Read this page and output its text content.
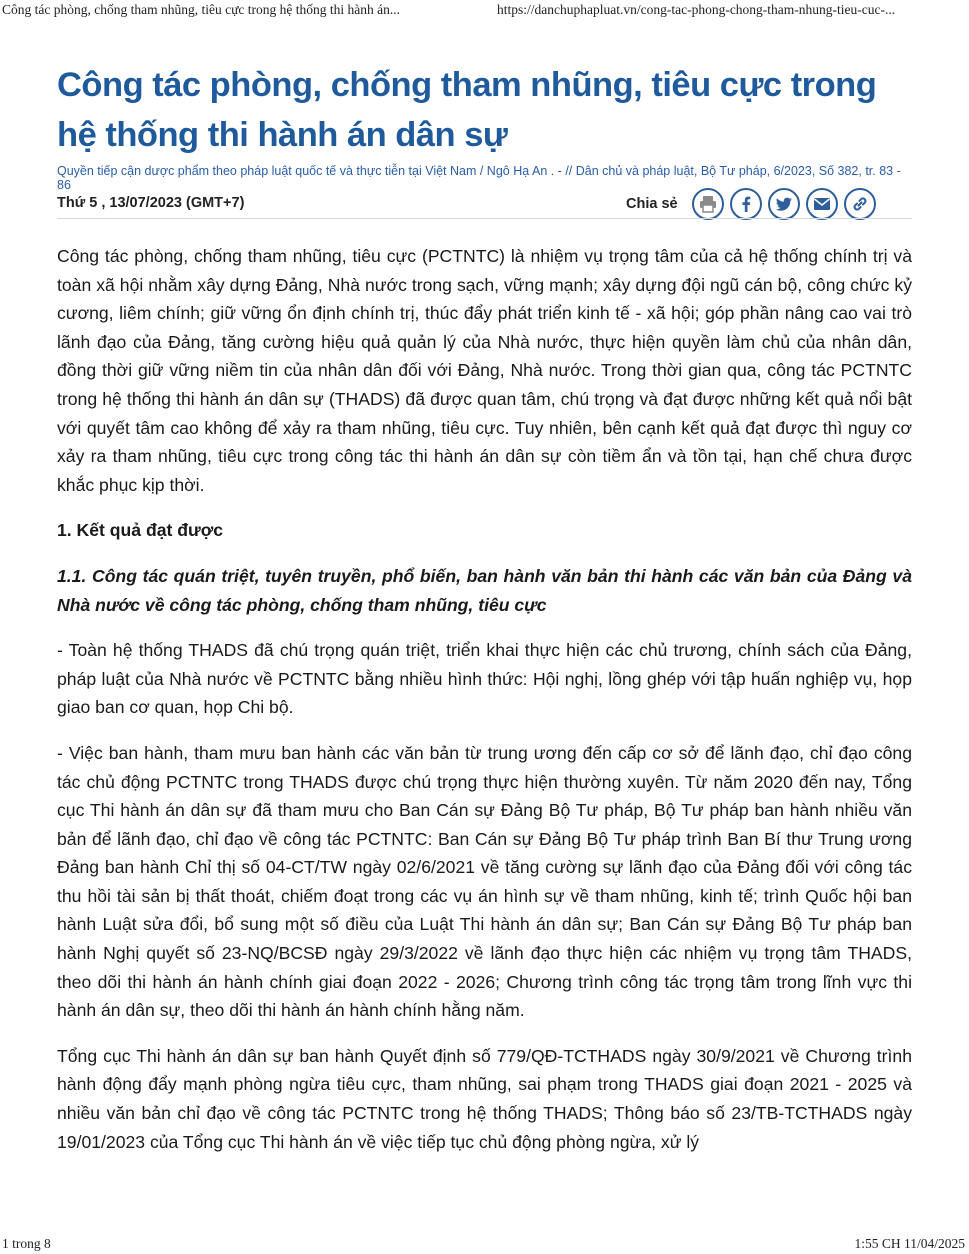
Công tác phòng, chống tham nhũng, tiêu cực trong hệ thống thi hành án...	https://danchuphapluat.vn/cong-tac-phong-chong-tham-nhung-tieu-cuc-...
Công tác phòng, chống tham nhũng, tiêu cực trong hệ thống thi hành án dân sự
Quyền tiếp cận dược phẩm theo pháp luật quốc tế và thực tiễn tại Việt Nam / Ngô Hạ An . - // Dân chủ và pháp luật, Bộ Tư pháp, 6/2023, Số 382, tr. 83 - 86
Thứ 5 , 13/07/2023 (GMT+7)	Chia sẻ

Công tác phòng, chống tham nhũng, tiêu cực (PCTNTC) là nhiệm vụ trọng tâm của cả hệ thống chính trị và toàn xã hội nhằm xây dựng Đảng, Nhà nước trong sạch, vững mạnh; xây dựng đội ngũ cán bộ, công chức kỷ cương, liêm chính; giữ vững ổn định chính trị, thúc đẩy phát triển kinh tế - xã hội; góp phần nâng cao vai trò lãnh đạo của Đảng, tăng cường hiệu quả quản lý của Nhà nước, thực hiện quyền làm chủ của nhân dân, đồng thời giữ vững niềm tin của nhân dân đối với Đảng, Nhà nước. Trong thời gian qua, công tác PCTNTC trong hệ thống thi hành án dân sự (THADS) đã được quan tâm, chú trọng và đạt được những kết quả nổi bật với quyết tâm cao không để xảy ra tham nhũng, tiêu cực. Tuy nhiên, bên cạnh kết quả đạt được thì nguy cơ xảy ra tham nhũng, tiêu cực trong công tác thi hành án dân sự còn tiềm ẩn và tồn tại, hạn chế chưa được khắc phục kịp thời.

1. Kết quả đạt được

1.1. Công tác quán triệt, tuyên truyền, phổ biến, ban hành văn bản thi hành các văn bản của Đảng và Nhà nước về công tác phòng, chống tham nhũng, tiêu cực

- Toàn hệ thống THADS đã chú trọng quán triệt, triển khai thực hiện các chủ trương, chính sách của Đảng, pháp luật của Nhà nước về PCTNTC bằng nhiều hình thức: Hội nghị, lồng ghép với tập huấn nghiệp vụ, họp giao ban cơ quan, họp Chi bộ.

- Việc ban hành, tham mưu ban hành các văn bản từ trung ương đến cấp cơ sở để lãnh đạo, chỉ đạo công tác chủ động PCTNTC trong THADS được chú trọng thực hiện thường xuyên. Từ năm 2020 đến nay, Tổng cục Thi hành án dân sự đã tham mưu cho Ban Cán sự Đảng Bộ Tư pháp, Bộ Tư pháp ban hành nhiều văn bản để lãnh đạo, chỉ đạo về công tác PCTNTC: Ban Cán sự Đảng Bộ Tư pháp trình Ban Bí thư Trung ương Đảng ban hành Chỉ thị số 04-CT/TW ngày 02/6/2021 về tăng cường sự lãnh đạo của Đảng đối với công tác thu hồi tài sản bị thất thoát, chiếm đoạt trong các vụ án hình sự về tham nhũng, kinh tế; trình Quốc hội ban hành Luật sửa đổi, bổ sung một số điều của Luật Thi hành án dân sự; Ban Cán sự Đảng Bộ Tư pháp ban hành Nghị quyết số 23-NQ/BCSĐ ngày 29/3/2022 về lãnh đạo thực hiện các nhiệm vụ trọng tâm THADS, theo dõi thi hành án hành chính giai đoạn 2022 - 2026; Chương trình công tác trọng tâm trong lĩnh vực thi hành án dân sự, theo dõi thi hành án hành chính hằng năm.

Tổng cục Thi hành án dân sự ban hành Quyết định số 779/QĐ-TCTHADS ngày 30/9/2021 về Chương trình hành động đẩy mạnh phòng ngừa tiêu cực, tham nhũng, sai phạm trong THADS giai đoạn 2021 - 2025 và nhiều văn bản chỉ đạo về công tác PCTNTC trong hệ thống THADS; Thông báo số 23/TB-TCTHADS ngày 19/01/2023 của Tổng cục Thi hành án về việc tiếp tục chủ động phòng ngừa, xử lý

1 trong 8	1:55 CH 11/04/2025
